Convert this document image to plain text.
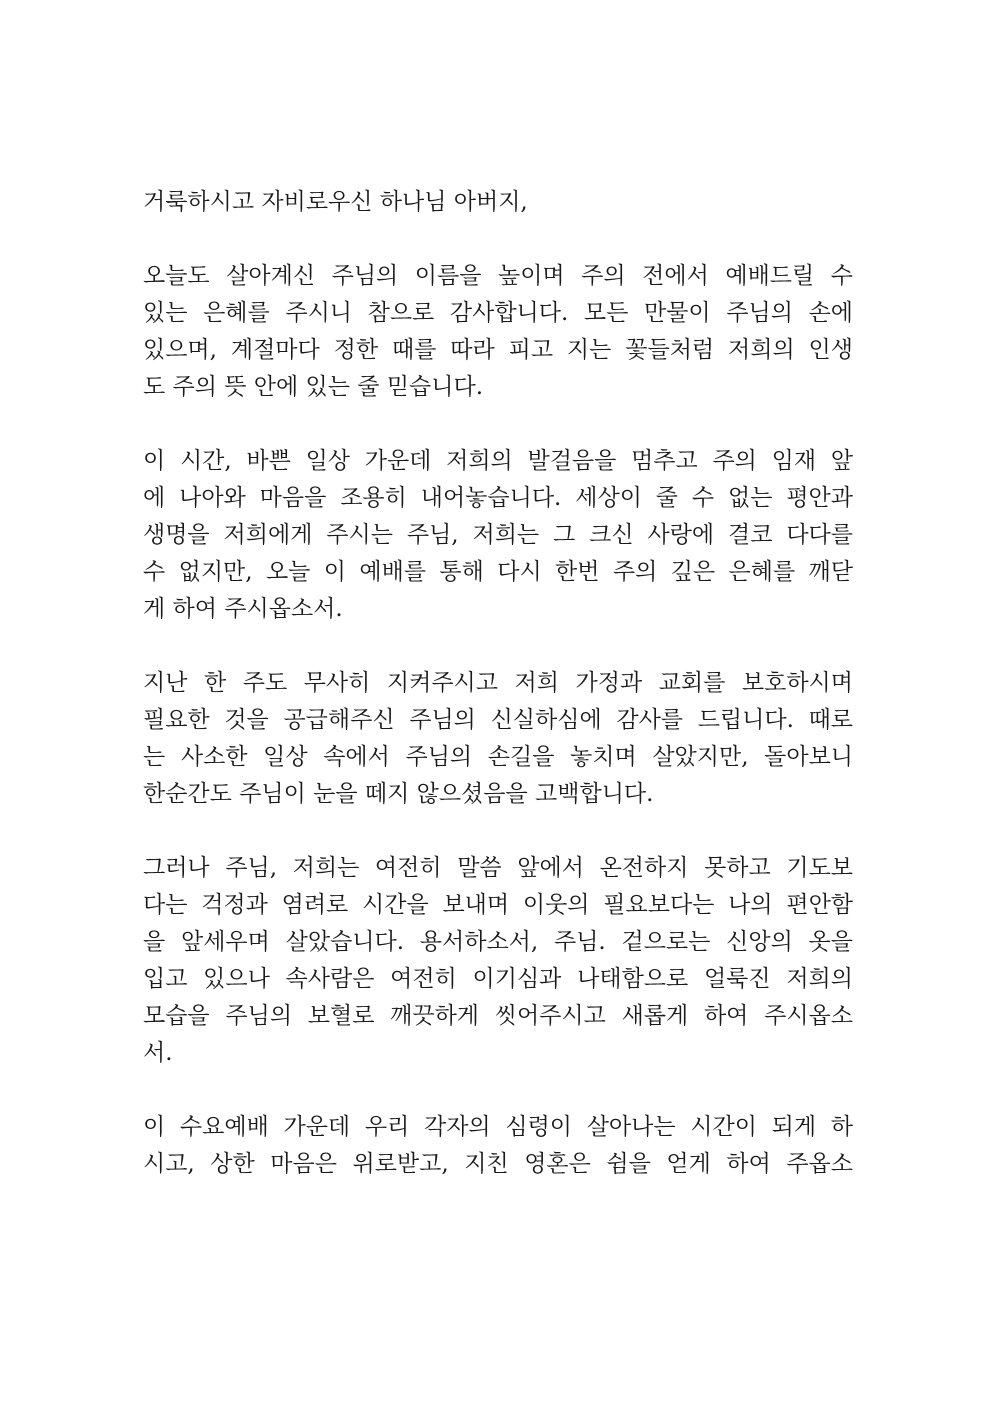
거룩하시고 자비로우신 하나님 아버지,
오늘도 살아계신 주님의 이름을 높이며 주의 전에서 예배드릴 수
있는 은혜를 주시니 참으로 감사합니다. 모든 만물이 주님의 손에
있으며, 계절마다 정한 때를 따라 피고 지는 꽃들처럼 저희의 인생
도 주의 뜻 안에 있는 줄 믿습니다.
이 시간, 바쁜 일상 가운데 저희의 발걸음을 멈추고 주의 임재 앞
에 나아와 마음을 조용히 내어놓습니다. 세상이 줄 수 없는 평안과
생명을 저희에게 주시는 주님, 저희는 그 크신 사랑에 결코 다다를
수 없지만, 오늘 이 예배를 통해 다시 한번 주의 깊은 은혜를 깨닫
게 하여 주시옵소서.
지난 한 주도 무사히 지켜주시고 저희 가정과 교회를 보호하시며
필요한 것을 공급해주신 주님의 신실하심에 감사를 드립니다. 때로
는 사소한 일상 속에서 주님의 손길을 놓치며 살았지만, 돌아보니
한순간도 주님이 눈을 떼지 않으셨음을 고백합니다.
그러나 주님, 저희는 여전히 말씀 앞에서 온전하지 못하고 기도보
다는 걱정과 염려로 시간을 보내며 이웃의 필요보다는 나의 편안함
을 앞세우며 살았습니다. 용서하소서, 주님. 겉으로는 신앙의 옷을
입고 있으나 속사람은 여전히 이기심과 나태함으로 얼룩진 저희의
모습을 주님의 보혈로 깨끗하게 씻어주시고 새롭게 하여 주시옵소
서.
이 수요예배 가운데 우리 각자의 심령이 살아나는 시간이 되게 하
시고, 상한 마음은 위로받고, 지친 영혼은 쉼을 얻게 하여 주옵소
